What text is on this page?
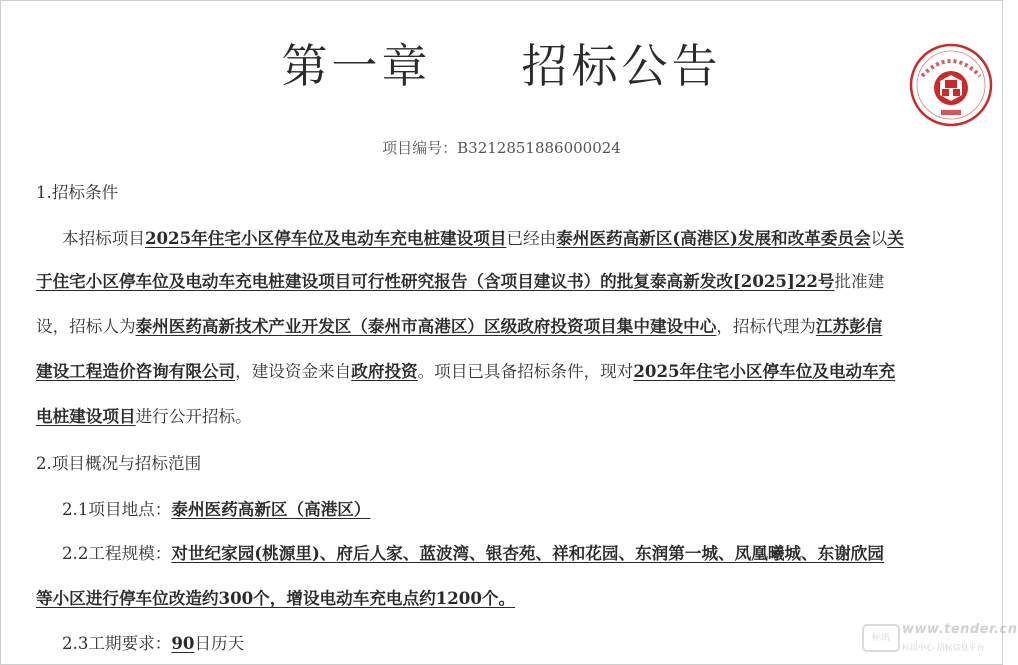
第一章 招标公告
项目编号：B3212851886000024
1.招标条件
本招标项目2025年住宅小区停车位及电动车充电桩建设项目已经由泰州医药高新区(高港区)发展和改革委员会以关
于住宅小区停车位及电动车充电桩建设项目可行性研究报告（含项目建议书）的批复泰高新发改[2025]22号批准建
设，招标人为泰州医药高新技术产业开发区（泰州市高港区）区级政府投资项目集中建设中心，招标代理为江苏彭信
建设工程造价咨询有限公司，建设资金来自政府投资。项目已具备招标条件，现对2025年住宅小区停车位及电动车充
电桩建设项目进行公开招标。
2.项目概况与招标范围
2.1项目地点：泰州医药高新区（高港区）
2.2工程规模：对世纪家园(桃源里)、府后人家、蓝波湾、银杏苑、祥和花园、东润第一城、凤凰曦城、东谢欣园
等小区进行停车位改造约300个，增设电动车充电点约1200个。
2.3工期要求：90日历天	标讯
www.tender.cn
标讯中心 招标信息平台
